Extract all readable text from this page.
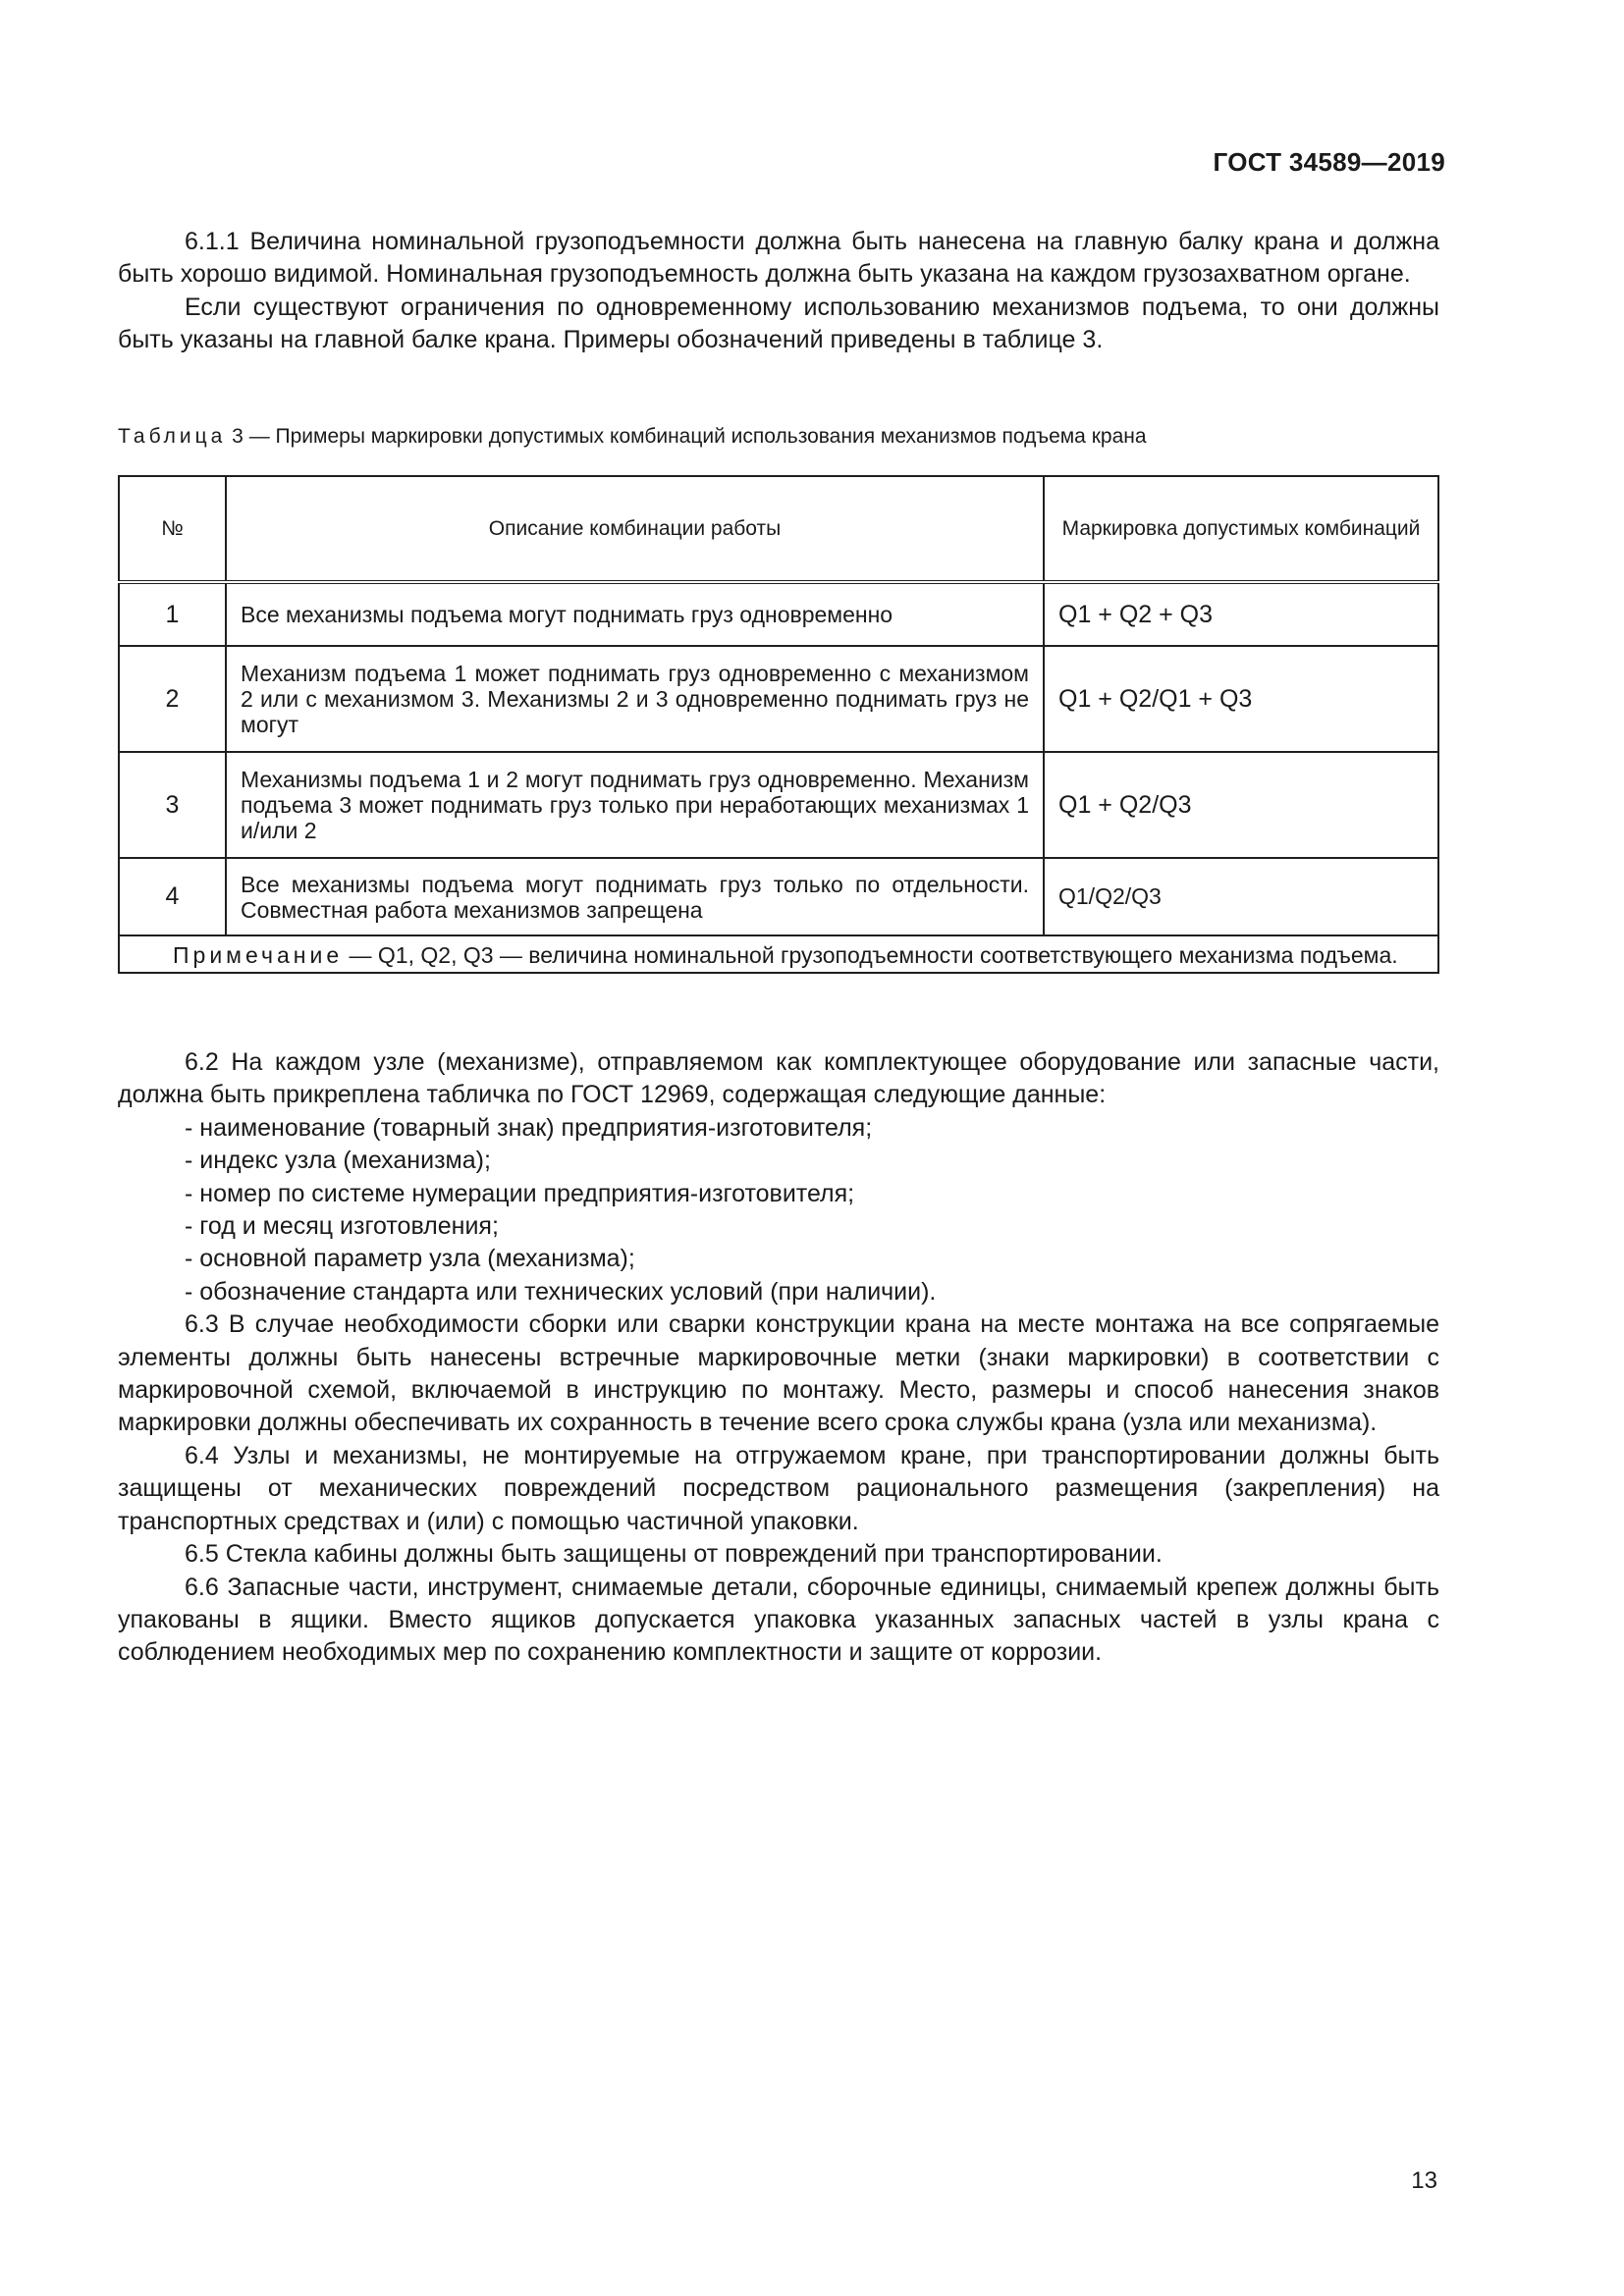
ГОСТ 34589—2019

6.1.1 Величина номинальной грузоподъемности должна быть нанесена на главную балку крана и должна быть хорошо видимой. Номинальная грузоподъемность должна быть указана на каждом грузозахватном органе.

Если существуют ограничения по одновременному использованию механизмов подъема, то они должны быть указаны на главной балке крана. Примеры обозначений приведены в таблице 3.

Таблица 3 — Примеры маркировки допустимых комбинаций использования механизмов подъема крана
№	Описание комбинации работы	Маркировка допустимых комбинаций
1	Все механизмы подъема могут поднимать груз одновременно	Q1 + Q2 + Q3
2	Механизм подъема 1 может поднимать груз одновременно с механизмом 2 или с механизмом 3. Механизмы 2 и 3 одновременно поднимать груз не могут	Q1 + Q2/Q1 + Q3
3	Механизмы подъема 1 и 2 могут поднимать груз одновременно. Механизм подъема 3 может поднимать груз только при неработающих механизмах 1 и/или 2	Q1 + Q2/Q3
4	Все механизмы подъема могут поднимать груз только по отдельности. Совместная работа механизмов запрещена	Q1/Q2/Q3
Примечание — Q1, Q2, Q3 — величина номинальной грузоподъемности соответствующего механизма подъема.		

6.2 На каждом узле (механизме), отправляемом как комплектующее оборудование или запасные части, должна быть прикреплена табличка по ГОСТ 12969, содержащая следующие данные:

- наименование (товарный знак) предприятия-изготовителя;

- индекс узла (механизма);

- номер по системе нумерации предприятия-изготовителя;

- год и месяц изготовления;

- основной параметр узла (механизма);

- обозначение стандарта или технических условий (при наличии).

6.3 В случае необходимости сборки или сварки конструкции крана на месте монтажа на все сопрягаемые элементы должны быть нанесены встречные маркировочные метки (знаки маркировки) в соответствии с маркировочной схемой, включаемой в инструкцию по монтажу. Место, размеры и способ нанесения знаков маркировки должны обеспечивать их сохранность в течение всего срока службы крана (узла или механизма).

6.4 Узлы и механизмы, не монтируемые на отгружаемом кране, при транспортировании должны быть защищены от механических повреждений посредством рационального размещения (закрепления) на транспортных средствах и (или) с помощью частичной упаковки.

6.5 Стекла кабины должны быть защищены от повреждений при транспортировании.

6.6 Запасные части, инструмент, снимаемые детали, сборочные единицы, снимаемый крепеж должны быть упакованы в ящики. Вместо ящиков допускается упаковка указанных запасных частей в узлы крана с соблюдением необходимых мер по сохранению комплектности и защите от коррозии.

13
